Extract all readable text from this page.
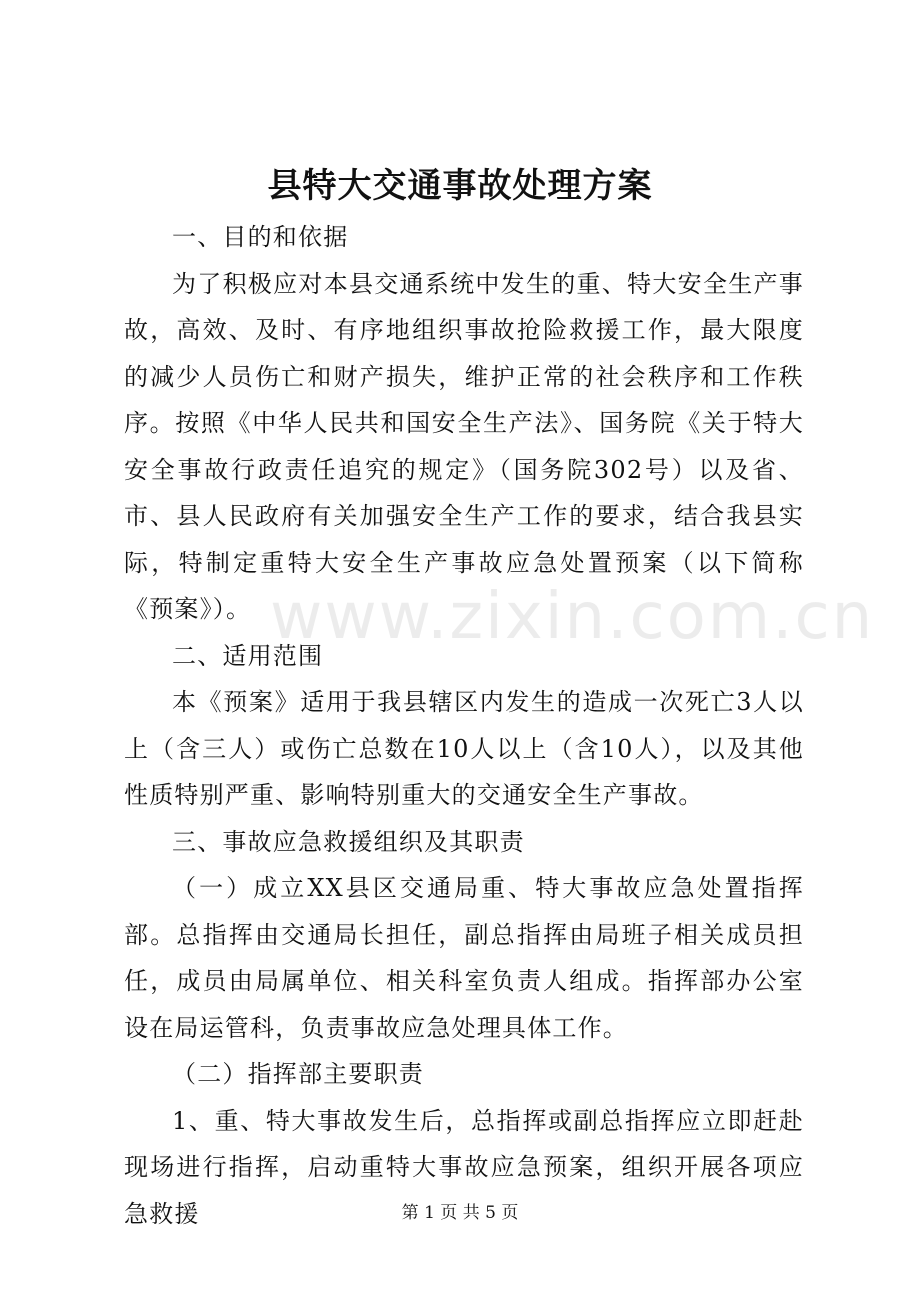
县特大交通事故处理方案

一、目的和依据

为了积极应对本县交通系统中发生的重、特大安全生产事故，高效、及时、有序地组织事故抢险救援工作，最大限度的减少人员伤亡和财产损失，维护正常的社会秩序和工作秩序。按照《中华人民共和国安全生产法》、国务院《关于特大安全事故行政责任追究的规定》（国务院302号）以及省、市、县人民政府有关加强安全生产工作的要求，结合我县实际，特制定重特大安全生产事故应急处置预案（以下简称《预案》）。

二、适用范围

本《预案》适用于我县辖区内发生的造成一次死亡3人以上（含三人）或伤亡总数在10人以上（含10人），以及其他性质特别严重、影响特别重大的交通安全生产事故。

三、事故应急救援组织及其职责

（一）成立XX县区交通局重、特大事故应急处置指挥部。总指挥由交通局长担任，副总指挥由局班子相关成员担任，成员由局属单位、相关科室负责人组成。指挥部办公室设在局运管科，负责事故应急处理具体工作。

（二）指挥部主要职责

1、重、特大事故发生后，总指挥或副总指挥应立即赶赴现场进行指挥，启动重特大事故应急预案，组织开展各项应急救援

www.zixin.com.cn
第 1 页 共 5 页
